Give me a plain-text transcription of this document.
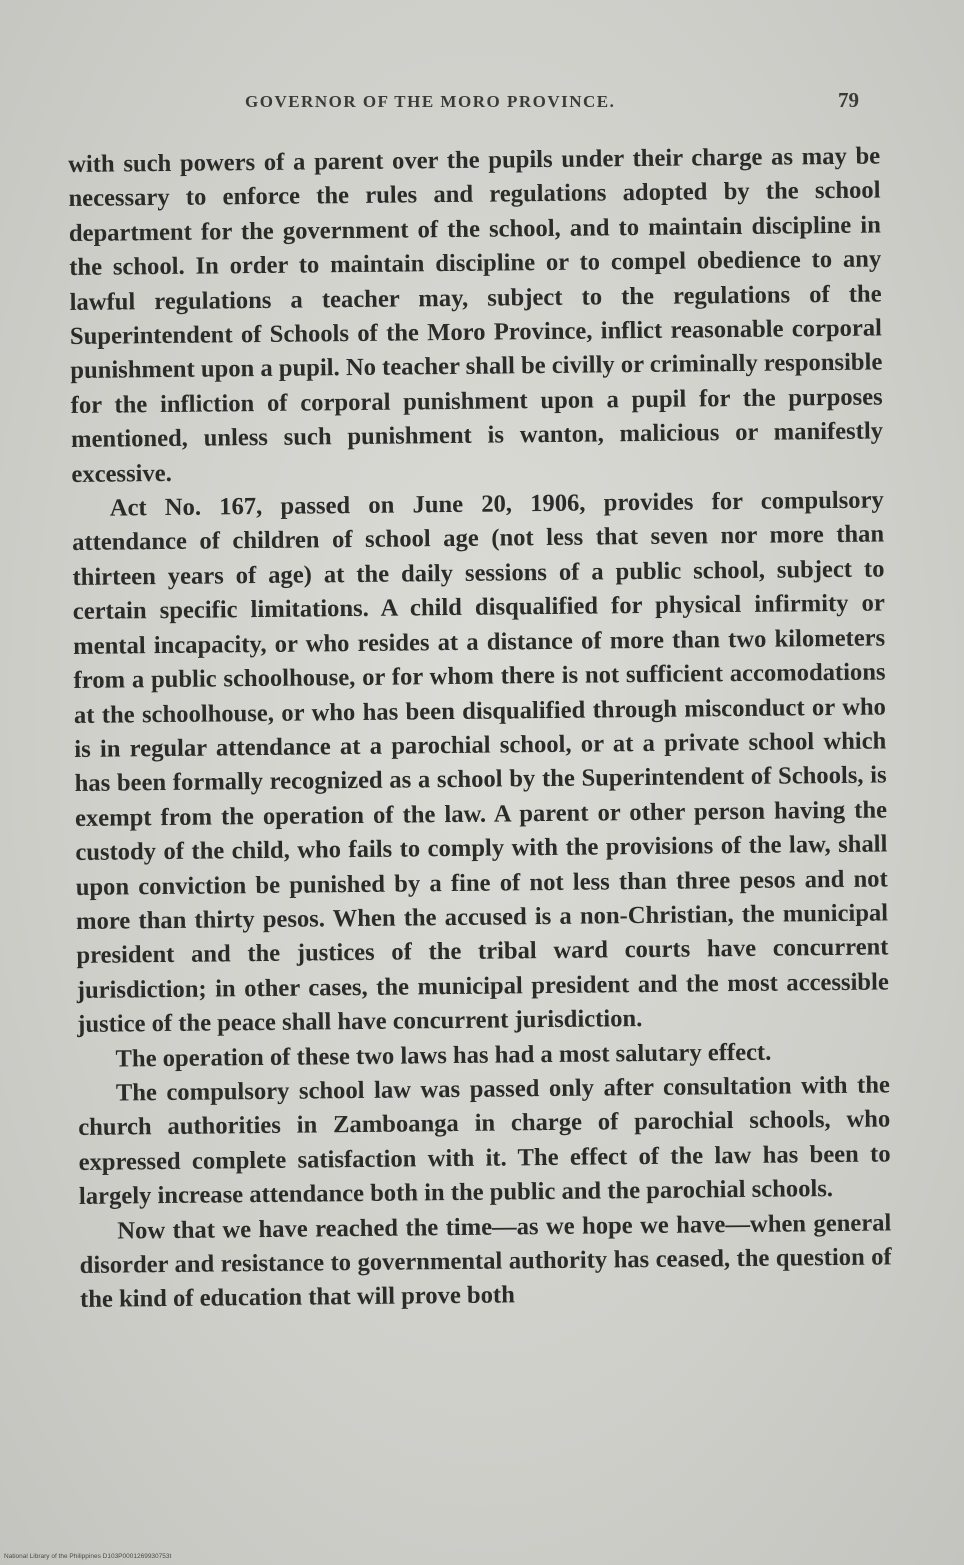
GOVERNOR OF THE MORO PROVINCE.	79

with such powers of a parent over the pupils under their charge as may be necessary to enforce the rules and regulations adopted by the school department for the government of the school, and to maintain discipline in the school. In order to maintain discipline or to compel obedience to any lawful regulations a teacher may, subject to the regulations of the Superintendent of Schools of the Moro Province, inflict reasonable corporal punishment upon a pupil. No teacher shall be civilly or criminally responsible for the infliction of corporal punishment upon a pupil for the purposes mentioned, unless such punishment is wanton, malicious or manifestly excessive.

Act No. 167, passed on June 20, 1906, provides for compulsory attendance of children of school age (not less that seven nor more than thirteen years of age) at the daily sessions of a public school, subject to certain specific limitations. A child disqualified for physical infirmity or mental incapacity, or who resides at a distance of more than two kilometers from a public schoolhouse, or for whom there is not sufficient accomodations at the schoolhouse, or who has been disqualified through misconduct or who is in regular attendance at a parochial school, or at a private school which has been formally recognized as a school by the Superintendent of Schools, is exempt from the operation of the law. A parent or other person having the custody of the child, who fails to comply with the provisions of the law, shall upon conviction be punished by a fine of not less than three pesos and not more than thirty pesos. When the accused is a non-Christian, the municipal president and the justices of the tribal ward courts have concurrent jurisdiction; in other cases, the municipal president and the most accessible justice of the peace shall have concurrent jurisdiction.

The operation of these two laws has had a most salutary effect.

The compulsory school law was passed only after consultation with the church authorities in Zamboanga in charge of parochial schools, who expressed complete satisfaction with it. The effect of the law has been to largely increase attendance both in the public and the parochial schools.

Now that we have reached the time—as we hope we have—when general disorder and resistance to governmental authority has ceased, the question of the kind of education that will prove both

National Library of the Philippines D103P0001269930753t
